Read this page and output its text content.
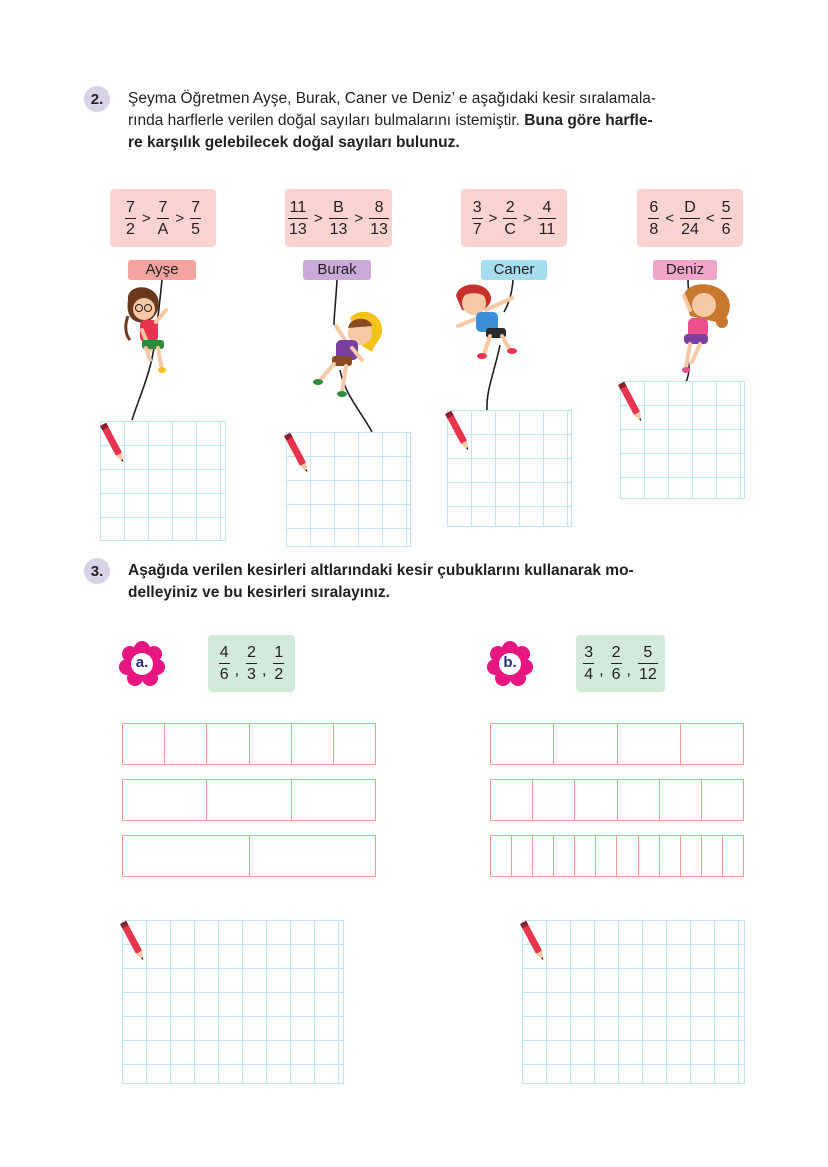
2.	Şeyma Öğretmen Ayşe, Burak, Caner ve Deniz’ e aşağıdaki kesir sıralamala-
rında harflerle verilen doğal sayıları bulmalarını istemiştir. Buna göre harfle-
re karşılık gelebilecek doğal sayıları bulunuz.
$\frac{7}{2} > \frac{7}{A} > \frac{7}{5}$
Ayşe
$\frac{11}{13} > \frac{B}{13} > \frac{8}{13}$
Burak
$\frac{3}{7} > \frac{2}{C} > \frac{4}{11}$
Caner
$\frac{6}{8} < \frac{D}{24} < \frac{5}{6}$
Deniz
3.	Aşağıda verilen kesirleri altlarındaki kesir çubuklarını kullanarak mo-
delleyiniz ve bu kesirleri sıralayınız.
a.	$\frac{4}{6}$ , $\frac{2}{3}$ , $\frac{1}{2}$	b.	$\frac{3}{4}$ , $\frac{2}{6}$ , $\frac{5}{12}$
